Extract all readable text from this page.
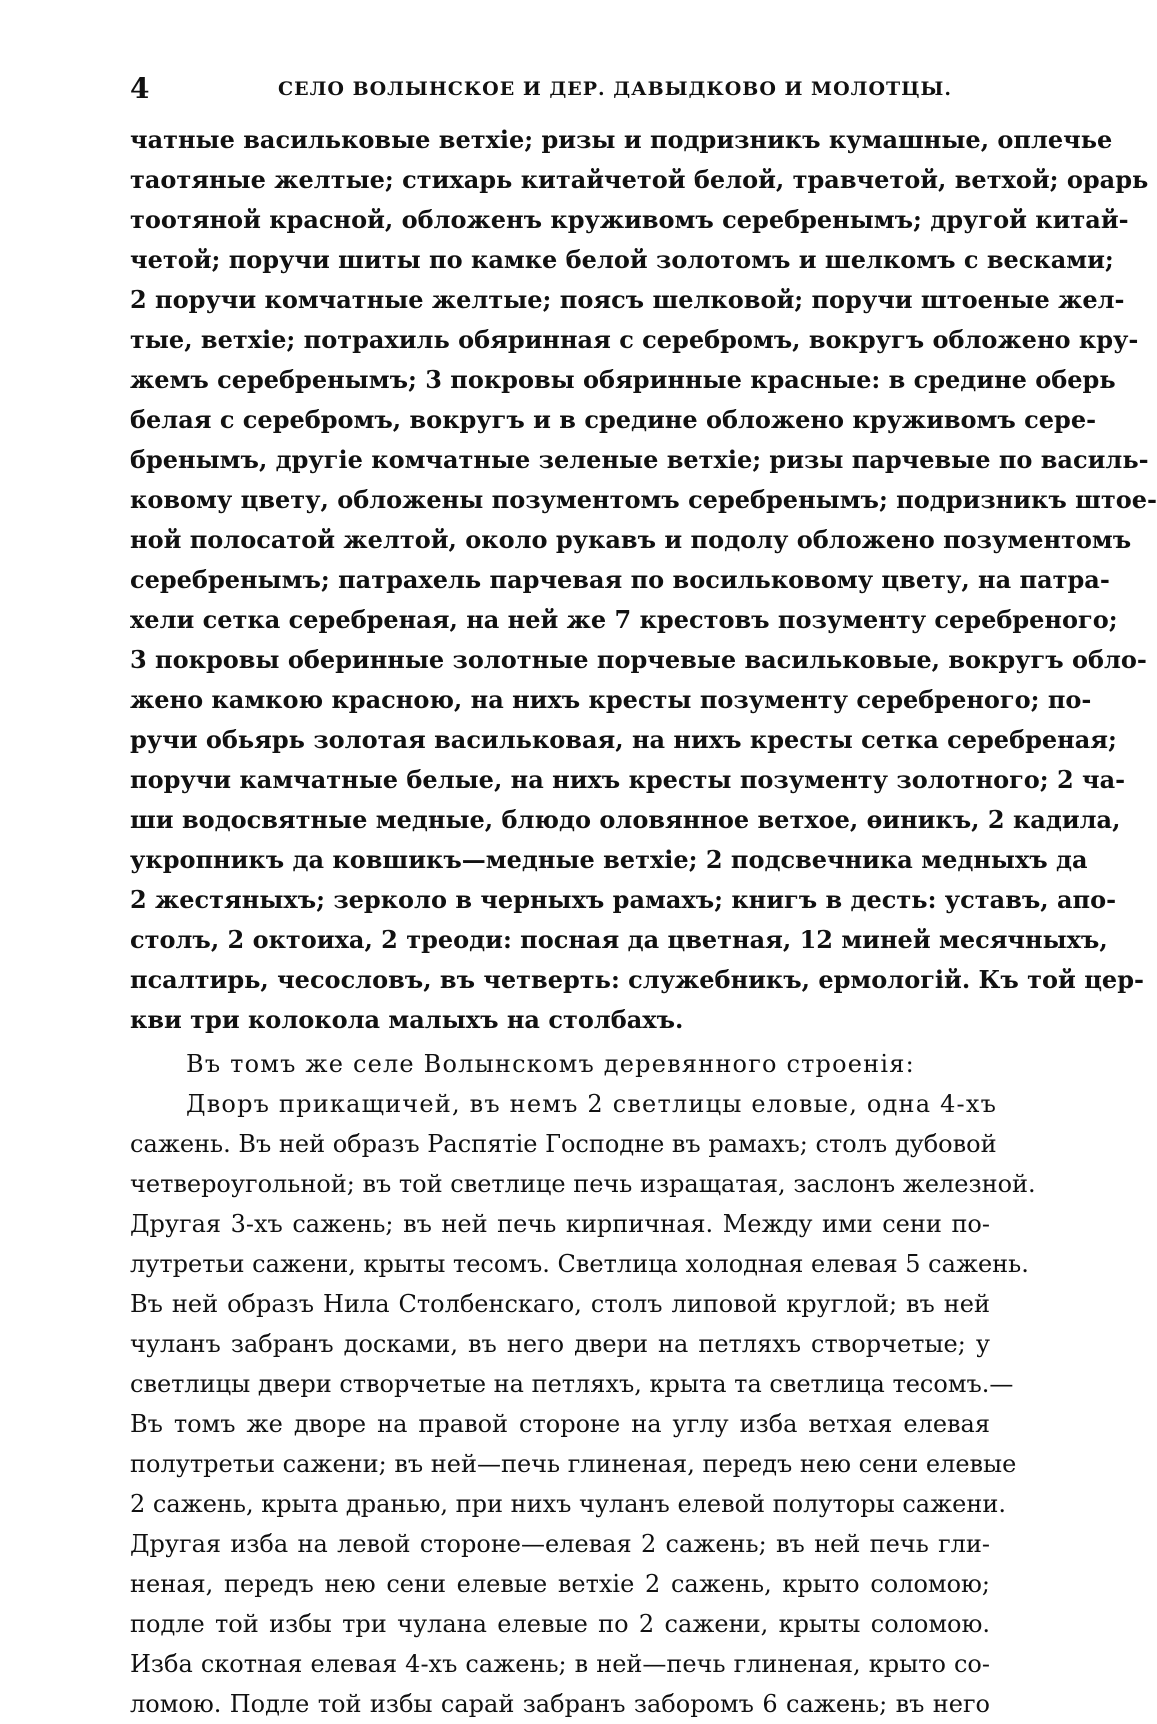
4	СЕЛО ВОЛЫНСКОЕ И ДЕР. ДАВЫДКОВО И МОЛОТЦЫ.
чатные васильковые ветхіе; ризы и подризникъ кумашные, оплечье
таотяные желтые; стихарь китайчетой белой, травчетой, ветхой; орарь
тоотяной красной, обложенъ круживомъ серебренымъ; другой китай-
четой; поручи шиты по камке белой золотомъ и шелкомъ с весками;
2 поручи комчатные желтые; поясъ шелковой; поручи штоеные жел-
тые, ветхіе; потрахиль обяринная с серебромъ, вокругъ обложено кру-
жемъ серебренымъ; 3 покровы обяринные красные: в средине оберь
белая с серебромъ, вокругъ и в средине обложено круживомъ сере-
бренымъ, другіе комчатные зеленые ветхіе; ризы парчевые по василь-
ковому цвету, обложены позументомъ серебренымъ; подризникъ штое-
ной полосатой желтой, около рукавъ и подолу обложено позументомъ
серебренымъ; патрахель парчевая по восильковому цвету, на патра-
хели сетка серебреная, на ней же 7 крестовъ позументу серебреного;
3 покровы оберинные золотные порчевые васильковые, вокругъ обло-
жено камкою красною, на нихъ кресты позументу серебреного; по-
ручи обьярь золотая васильковая, на нихъ кресты сетка серебреная;
поручи камчатные белые, на нихъ кресты позументу золотного; 2 ча-
ши водосвятные медные, блюдо оловянное ветхое, ѳиникъ, 2 кадила,
укропникъ да ковшикъ—медные ветхіе; 2 подсвечника медныхъ да
2 жестяныхъ; зерколо в черныхъ рамахъ; книгъ в десть: уставъ, апо-
столъ, 2 октоиха, 2 треоди: посная да цветная, 12 миней месячныхъ,
псалтирь, чесословъ, въ четверть: служебникъ, ермологій. Къ той цер-
кви три колокола малыхъ на столбахъ.
Въ томъ же селе Волынскомъ деревянного строенія:
Дворъ прикащичей, въ немъ 2 светлицы еловые, одна 4-хъ
сажень. Въ ней образъ Распятіе Господне въ рамахъ; столъ дубовой
четвероугольной; въ той светлице печь изращатая, заслонъ железной.
Другая 3-хъ сажень; въ ней печь кирпичная. Между ими сени по-
лутретьи сажени, крыты тесомъ. Светлица холодная елевая 5 сажень.
Въ ней образъ Нила Столбенскаго, столъ липовой круглой; въ ней
чуланъ забранъ досками, въ него двери на петляхъ створчетые; у
светлицы двери створчетые на петляхъ, крыта та светлица тесомъ.—
Въ томъ же дворе на правой стороне на углу изба ветхая елевая
полутретьи сажени; въ ней—печь глиненая, передъ нею сени елевые
2 сажень, крыта дранью, при нихъ чуланъ елевой полуторы сажени.
Другая изба на левой стороне—елевая 2 сажень; въ ней печь гли-
неная, передъ нею сени елевые ветхіе 2 сажень, крыто соломою;
подле той избы три чулана елевые по 2 сажени, крыты соломою.
Изба скотная елевая 4-хъ сажень; в ней—печь глиненая, крыто со-
ломою. Подле той избы сарай забранъ заборомъ 6 сажень; въ него
